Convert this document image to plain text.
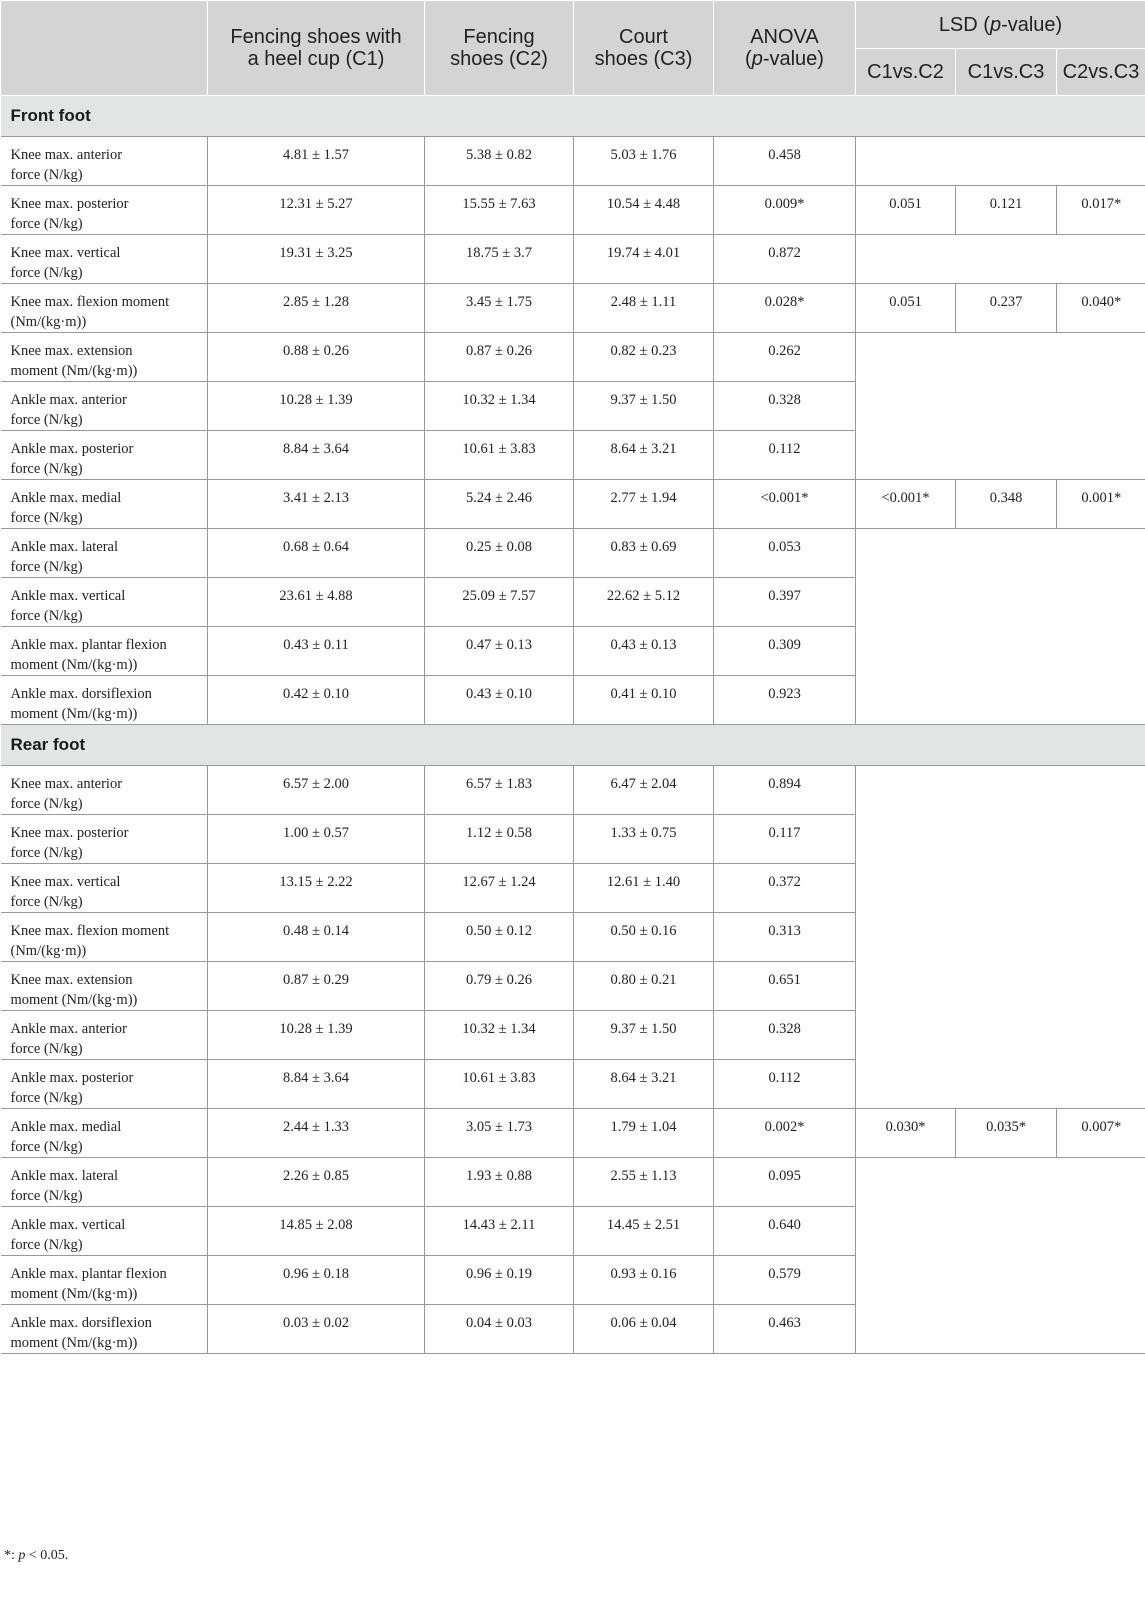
	Fencing shoes with
a heel cup (C1)	Fencing
shoes (C2)	Court
shoes (C3)	ANOVA
(p-value)	LSD (p-value)		
					C1vs.C2	C1vs.C3	C2vs.C3
Front foot							
Knee max. anterior
force (N/kg)	4.81 ± 1.57	5.38 ± 0.82	5.03 ± 1.76	0.458			
Knee max. posterior
force (N/kg)	12.31 ± 5.27	15.55 ± 7.63	10.54 ± 4.48	0.009*	0.051	0.121	0.017*
Knee max. vertical
force (N/kg)	19.31 ± 3.25	18.75 ± 3.7	19.74 ± 4.01	0.872			
Knee max. flexion moment
(Nm/(kg·m))	2.85 ± 1.28	3.45 ± 1.75	2.48 ± 1.11	0.028*	0.051	0.237	0.040*
Knee max. extension
moment (Nm/(kg·m))	0.88 ± 0.26	0.87 ± 0.26	0.82 ± 0.23	0.262			
Ankle max. anterior
force (N/kg)	10.28 ± 1.39	10.32 ± 1.34	9.37 ± 1.50	0.328			
Ankle max. posterior
force (N/kg)	8.84 ± 3.64	10.61 ± 3.83	8.64 ± 3.21	0.112			
Ankle max. medial
force (N/kg)	3.41 ± 2.13	5.24 ± 2.46	2.77 ± 1.94	<0.001*	<0.001*	0.348	0.001*
Ankle max. lateral
force (N/kg)	0.68 ± 0.64	0.25 ± 0.08	0.83 ± 0.69	0.053			
Ankle max. vertical
force (N/kg)	23.61 ± 4.88	25.09 ± 7.57	22.62 ± 5.12	0.397			
Ankle max. plantar flexion
moment (Nm/(kg·m))	0.43 ± 0.11	0.47 ± 0.13	0.43 ± 0.13	0.309			
Ankle max. dorsiflexion
moment (Nm/(kg·m))	0.42 ± 0.10	0.43 ± 0.10	0.41 ± 0.10	0.923			
Rear foot							
Knee max. anterior
force (N/kg)	6.57 ± 2.00	6.57 ± 1.83	6.47 ± 2.04	0.894			
Knee max. posterior
force (N/kg)	1.00 ± 0.57	1.12 ± 0.58	1.33 ± 0.75	0.117			
Knee max. vertical
force (N/kg)	13.15 ± 2.22	12.67 ± 1.24	12.61 ± 1.40	0.372			
Knee max. flexion moment
(Nm/(kg·m))	0.48 ± 0.14	0.50 ± 0.12	0.50 ± 0.16	0.313			
Knee max. extension
moment (Nm/(kg·m))	0.87 ± 0.29	0.79 ± 0.26	0.80 ± 0.21	0.651			
Ankle max. anterior
force (N/kg)	10.28 ± 1.39	10.32 ± 1.34	9.37 ± 1.50	0.328			
Ankle max. posterior
force (N/kg)	8.84 ± 3.64	10.61 ± 3.83	8.64 ± 3.21	0.112			
Ankle max. medial
force (N/kg)	2.44 ± 1.33	3.05 ± 1.73	1.79 ± 1.04	0.002*	0.030*	0.035*	0.007*
Ankle max. lateral
force (N/kg)	2.26 ± 0.85	1.93 ± 0.88	2.55 ± 1.13	0.095			
Ankle max. vertical
force (N/kg)	14.85 ± 2.08	14.43 ± 2.11	14.45 ± 2.51	0.640			
Ankle max. plantar flexion
moment (Nm/(kg·m))	0.96 ± 0.18	0.96 ± 0.19	0.93 ± 0.16	0.579			
Ankle max. dorsiflexion
moment (Nm/(kg·m))	0.03 ± 0.02	0.04 ± 0.03	0.06 ± 0.04	0.463			
*: p < 0.05.
